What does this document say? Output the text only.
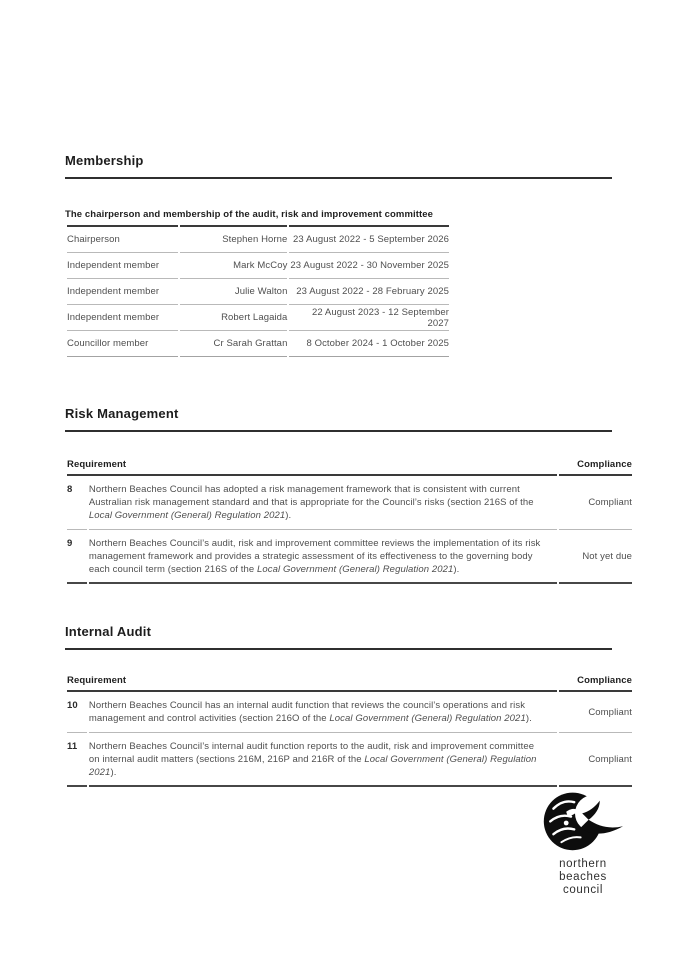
Membership
The chairperson and membership of the audit, risk and improvement committee
Chairperson	Stephen Horne	23 August 2022 - 5 September 2026
Independent member	Mark McCoy	23 August 2022 - 30 November 2025
Independent member	Julie Walton	23 August 2022 - 28 February 2025
Independent member	Robert Lagaida	22 August 2023 - 12 September 2027
Councillor member	Cr Sarah Grattan	8 October 2024 - 1 October 2025
Risk Management
Requirement		Compliance
8	Northern Beaches Council has adopted a risk management framework that is consistent with current Australian risk management standard and that is appropriate for the Council’s risks (section 216S of the Local Government (General) Regulation 2021).	Compliant
9	Northern Beaches Council’s audit, risk and improvement committee reviews the implementation of its risk management framework and provides a strategic assessment of its effectiveness to the governing body each council term (section 216S of the Local Government (General) Regulation 2021).	Not yet due
Internal Audit
Requirement		Compliance
10	Northern Beaches Council has an internal audit function that reviews the council’s operations and risk management and control activities (section 216O of the Local Government (General) Regulation 2021).	Compliant
11	Northern Beaches Council’s internal audit function reports to the audit, risk and improvement committee on internal audit matters (sections 216M, 216P and 216R of the Local Government (General) Regulation 2021).	Compliant
northern
beaches
council
